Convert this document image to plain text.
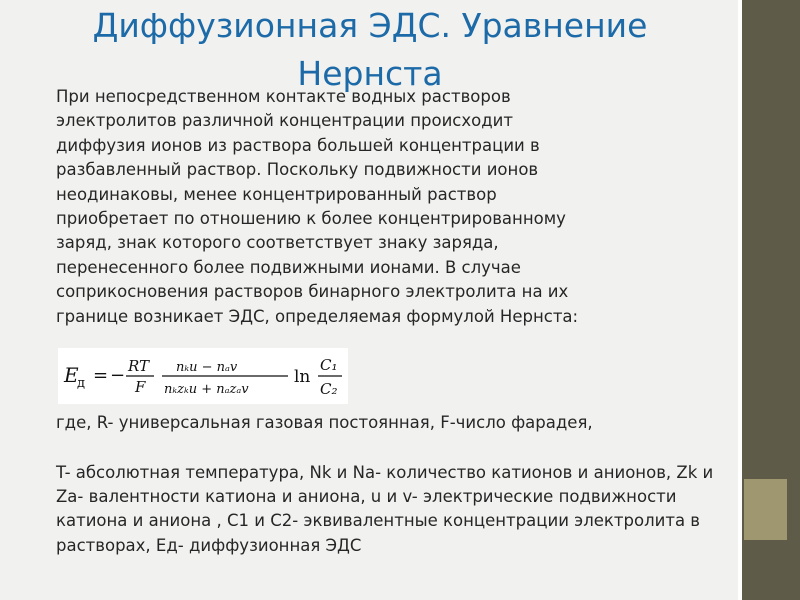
Диффузионная ЭДС. Уравнение Нернста
При непосредственном контакте водных растворов
электролитов различной концентрации происходит
диффузия ионов из раствора большей концентрации в
разбавленный раствор. Поскольку подвижности ионов
неодинаковы, менее концентрированный раствор
приобретает по отношению к более концентрированному
заряд, знак которого соответствует знаку заряда,
перенесенного более подвижными ионами. В случае
соприкосновения растворов бинарного электролита на их
границе возникает ЭДС, определяемая формулой Нернста:
E
д = − RT
F
nₖu − nₐv
nₖzₖu + nₐzₐv
ln
C₁
C₂
где, R- универсальная газовая постоянная, F-число фарадея,
T- абсолютная температура, Nk и Na- количество катионов и анионов, Zk и Za- валентности катиона и аниона, u и v- электрические подвижности катиона и аниона , C1 и C2- эквивалентные концентрации электролита в растворах, Ед- диффузионная ЭДС
